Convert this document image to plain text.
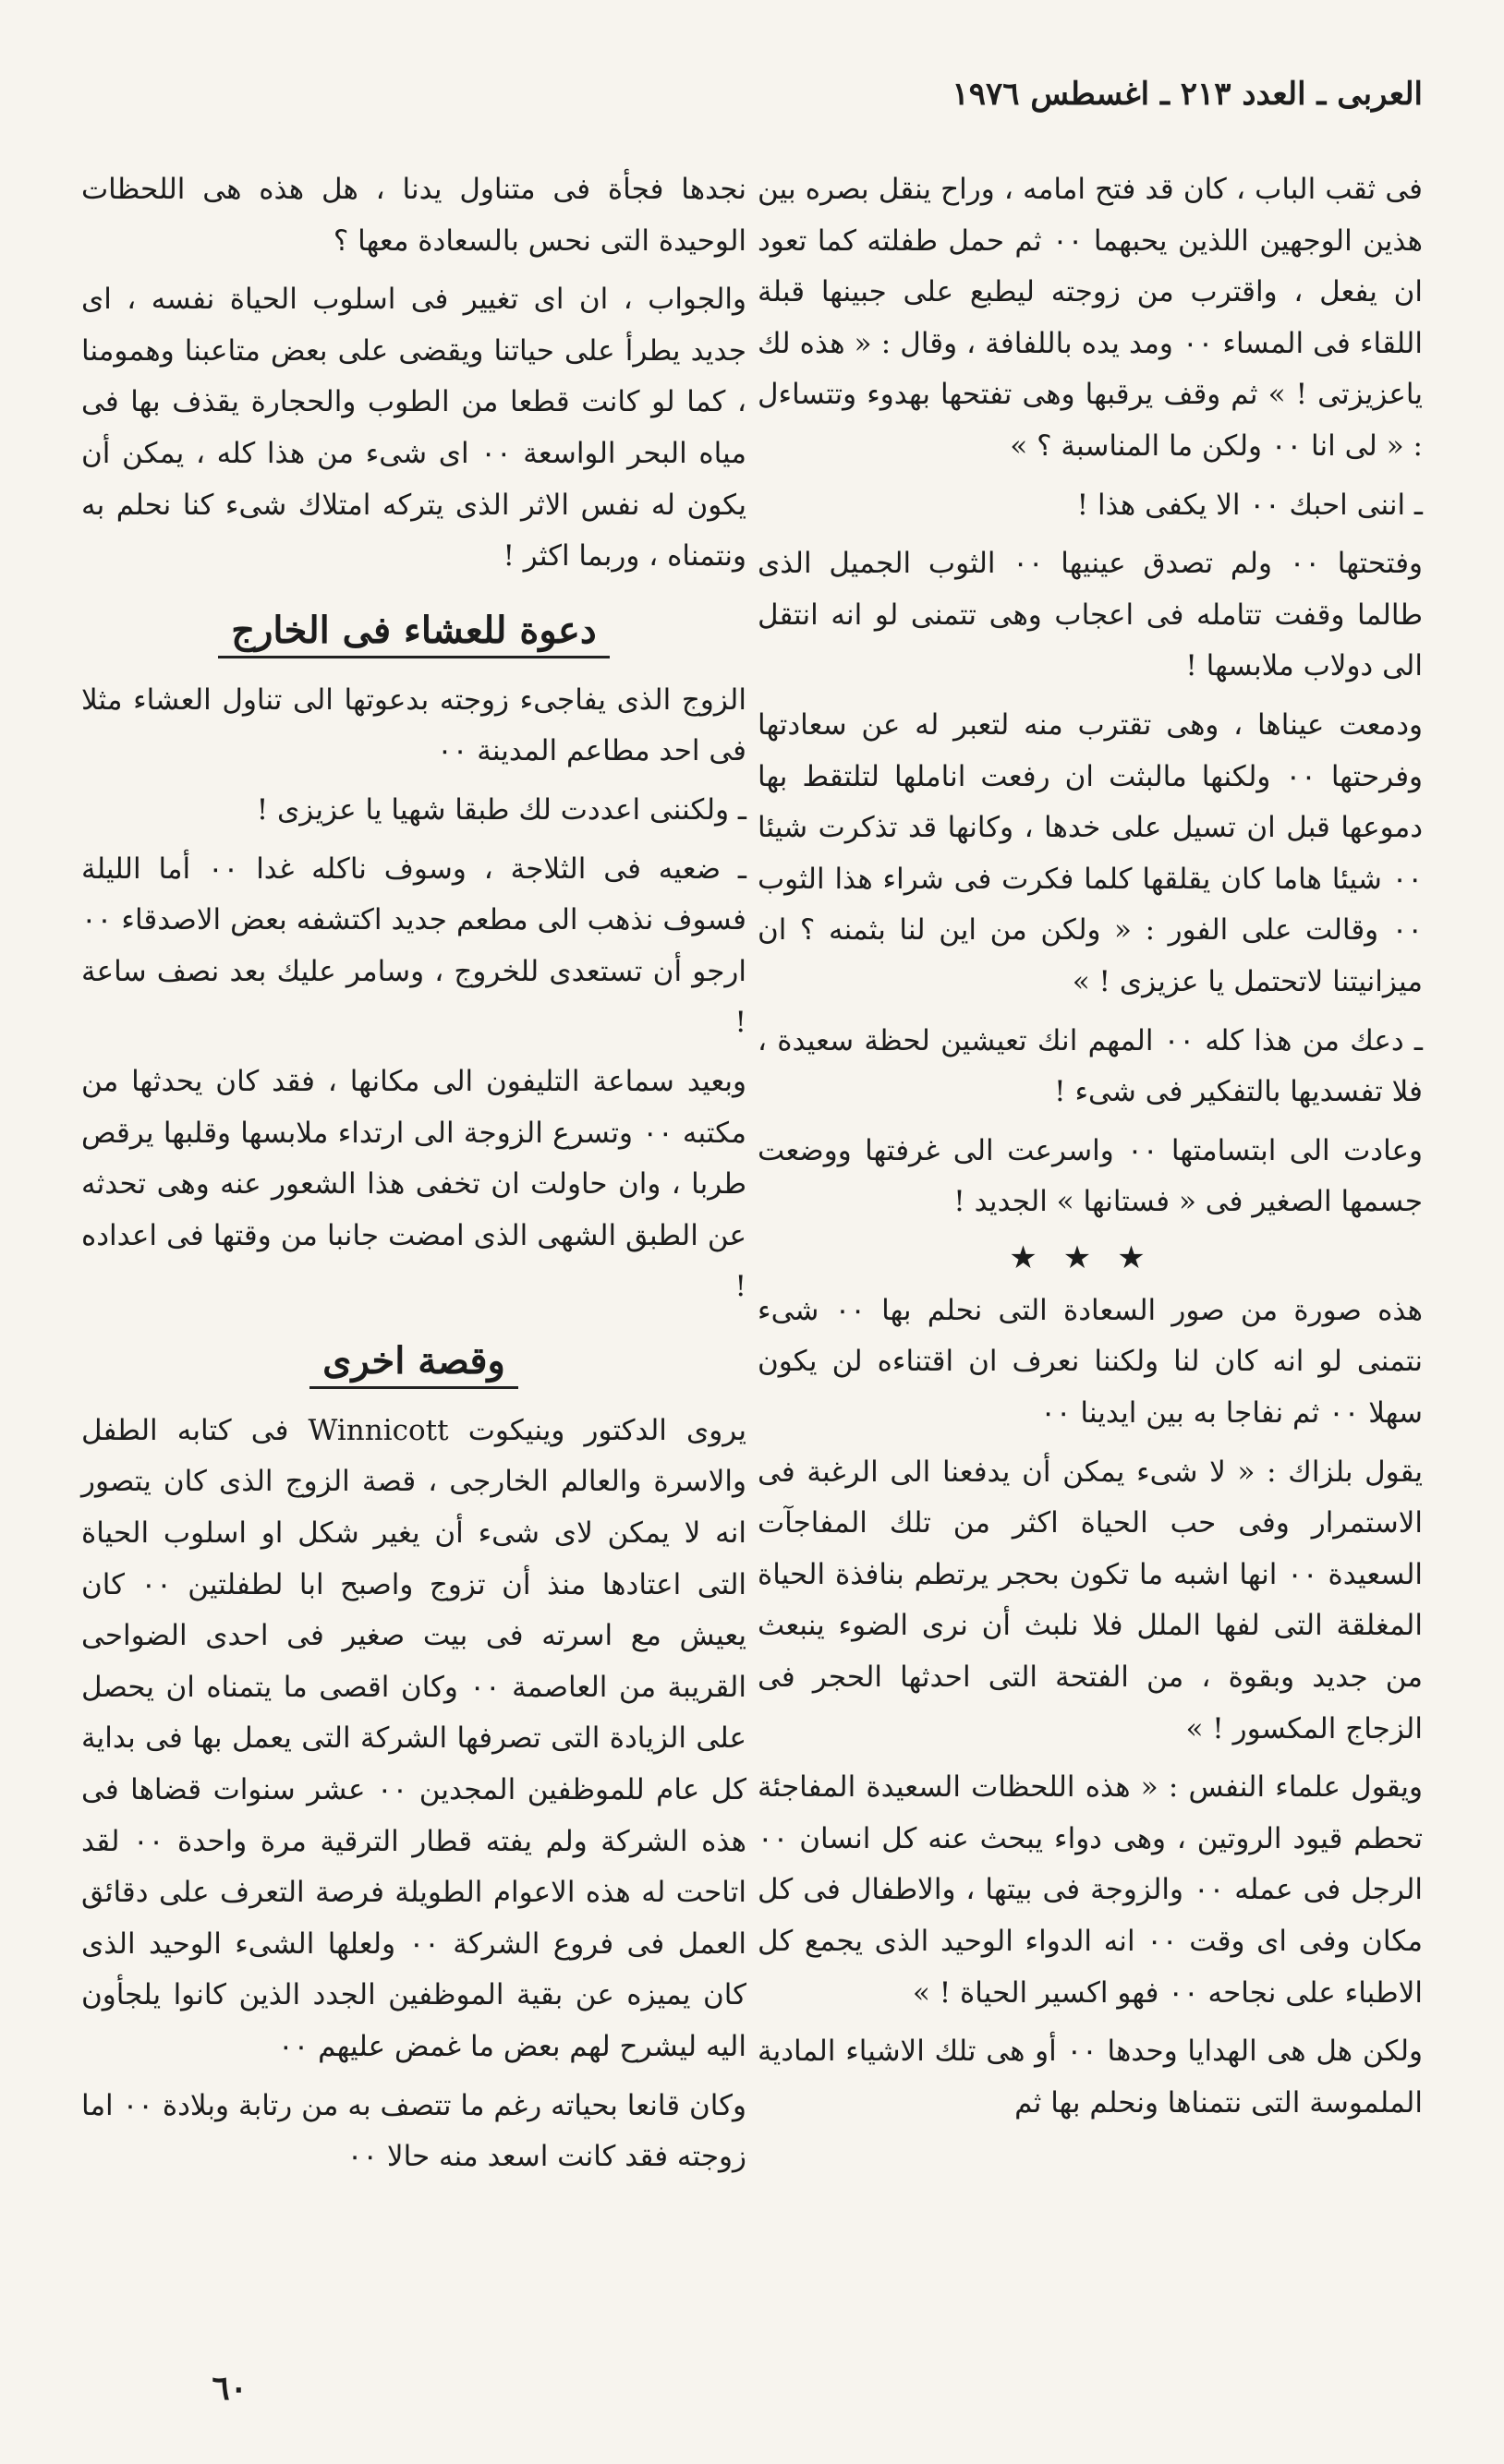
العربى ـ العدد ٢١٣ ـ اغسطس ١٩٧٦

فى ثقب الباب ، كان قد فتح امامه ، وراح ينقل بصره بين هذين الوجهين اللذين يحبهما ٠٠ ثم حمل طفلته كما تعود ان يفعل ، واقترب من زوجته ليطبع على جبينها قبلة اللقاء فى المساء ٠٠ ومد يده باللفافة ، وقال : « هذه لك ياعزيزتى ! » ثم وقف يرقبها وهى تفتحها بهدوء وتتساءل : « لى انا ٠٠ ولكن ما المناسبة ؟ »

ـ اننى احبك ٠٠ الا يكفى هذا !

وفتحتها ٠٠ ولم تصدق عينيها ٠٠ الثوب الجميل الذى طالما وقفت تتامله فى اعجاب وهى تتمنى لو انه انتقل الى دولاب ملابسها !

ودمعت عيناها ، وهى تقترب منه لتعبر له عن سعادتها وفرحتها ٠٠ ولكنها مالبثت ان رفعت اناملها لتلتقط بها دموعها قبل ان تسيل على خدها ، وكانها قد تذكرت شيئا ٠٠ شيئا هاما كان يقلقها كلما فكرت فى شراء هذا الثوب ٠٠ وقالت على الفور : « ولكن من اين لنا بثمنه ؟ ان ميزانيتنا لاتحتمل يا عزيزى ! »

ـ دعك من هذا كله ٠٠ المهم انك تعيشين لحظة سعيدة ، فلا تفسديها بالتفكير فى شىء !

وعادت الى ابتسامتها ٠٠ واسرعت الى غرفتها ووضعت جسمها الصغير فى « فستانها » الجديد !

★★★

هذه صورة من صور السعادة التى نحلم بها ٠٠ شىء نتمنى لو انه كان لنا ولكننا نعرف ان اقتناءه لن يكون سهلا ٠٠ ثم نفاجا به بين ايدينا ٠٠

يقول بلزاك : « لا شىء يمكن أن يدفعنا الى الرغبة فى الاستمرار وفى حب الحياة اكثر من تلك المفاجآت السعيدة ٠٠ انها اشبه ما تكون بحجر يرتطم بنافذة الحياة المغلقة التى لفها الملل فلا نلبث أن نرى الضوء ينبعث من جديد وبقوة ، من الفتحة التى احدثها الحجر فى الزجاج المكسور ! »

ويقول علماء النفس : « هذه اللحظات السعيدة المفاجئة تحطم قيود الروتين ، وهى دواء يبحث عنه كل انسان ٠٠ الرجل فى عمله ٠٠ والزوجة فى بيتها ، والاطفال فى كل مكان وفى اى وقت ٠٠ انه الدواء الوحيد الذى يجمع كل الاطباء على نجاحه ٠٠ فهو اكسير الحياة ! »

ولكن هل هى الهدايا وحدها ٠٠ أو هى تلك الاشياء المادية الملموسة التى نتمناها ونحلم بها ثم

نجدها فجأة فى متناول يدنا ، هل هذه هى اللحظات الوحيدة التى نحس بالسعادة معها ؟

والجواب ، ان اى تغيير فى اسلوب الحياة نفسه ، اى جديد يطرأ على حياتنا ويقضى على بعض متاعبنا وهمومنا ، كما لو كانت قطعا من الطوب والحجارة يقذف بها فى مياه البحر الواسعة ٠٠ اى شىء من هذا كله ، يمكن أن يكون له نفس الاثر الذى يتركه امتلاك شىء كنا نحلم به ونتمناه ، وربما اكثر !

دعوة للعشاء فى الخارج

الزوج الذى يفاجىء زوجته بدعوتها الى تناول العشاء مثلا فى احد مطاعم المدينة ٠٠

ـ ولكننى اعددت لك طبقا شهيا يا عزيزى !

ـ ضعيه فى الثلاجة ، وسوف ناكله غدا ٠٠ أما الليلة فسوف نذهب الى مطعم جديد اكتشفه بعض الاصدقاء ٠٠ ارجو أن تستعدى للخروج ، وسامر عليك بعد نصف ساعة !

وبعيد سماعة التليفون الى مكانها ، فقد كان يحدثها من مكتبه ٠٠ وتسرع الزوجة الى ارتداء ملابسها وقلبها يرقص طربا ، وان حاولت ان تخفى هذا الشعور عنه وهى تحدثه عن الطبق الشهى الذى امضت جانبا من وقتها فى اعداده !

وقصة اخرى

يروى الدكتور وينيكوت Winnicott فى كتابه الطفل والاسرة والعالم الخارجى ، قصة الزوج الذى كان يتصور انه لا يمكن لاى شىء أن يغير شكل او اسلوب الحياة التى اعتادها منذ أن تزوج واصبح ابا لطفلتين ٠٠ كان يعيش مع اسرته فى بيت صغير فى احدى الضواحى القريبة من العاصمة ٠٠ وكان اقصى ما يتمناه ان يحصل على الزيادة التى تصرفها الشركة التى يعمل بها فى بداية كل عام للموظفين المجدين ٠٠ عشر سنوات قضاها فى هذه الشركة ولم يفته قطار الترقية مرة واحدة ٠٠ لقد اتاحت له هذه الاعوام الطويلة فرصة التعرف على دقائق العمل فى فروع الشركة ٠٠ ولعلها الشىء الوحيد الذى كان يميزه عن بقية الموظفين الجدد الذين كانوا يلجأون اليه ليشرح لهم بعض ما غمض عليهم ٠٠

وكان قانعا بحياته رغم ما تتصف به من رتابة وبلادة ٠٠ اما زوجته فقد كانت اسعد منه حالا ٠٠

٦٠
